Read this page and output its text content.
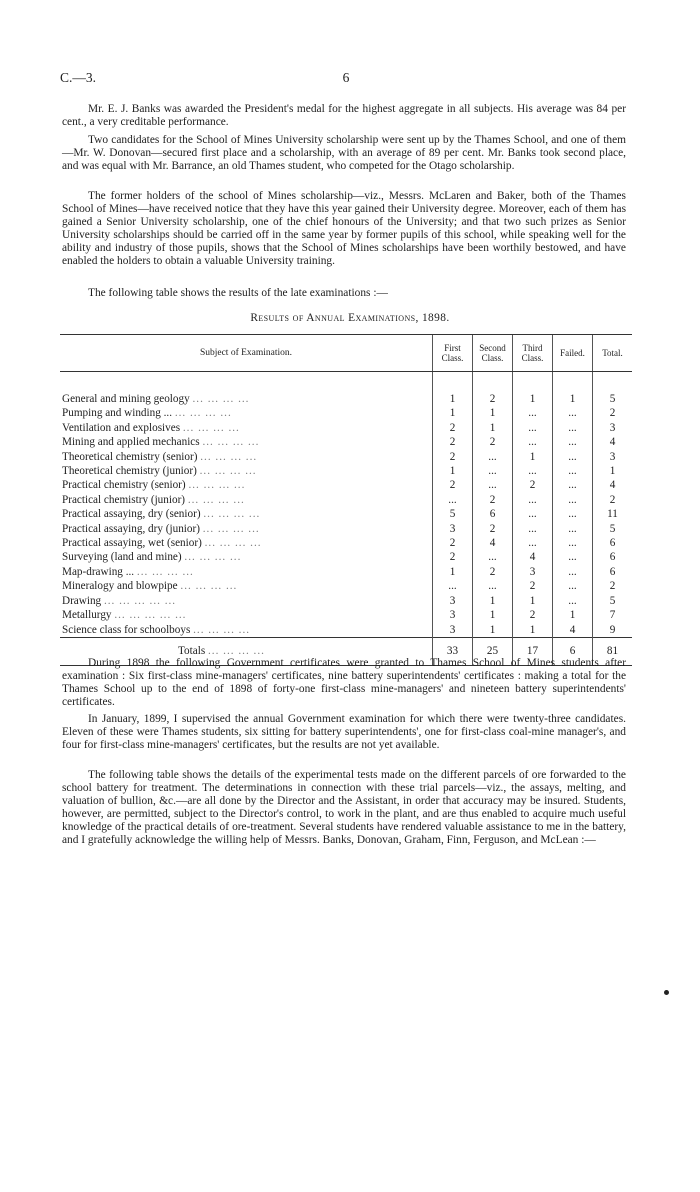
C.—3.	6

Mr. E. J. Banks was awarded the President's medal for the highest aggregate in all subjects. His average was 84 per cent., a very creditable performance.

Two candidates for the School of Mines University scholarship were sent up by the Thames School, and one of them—Mr. W. Donovan—secured first place and a scholarship, with an average of 89 per cent. Mr. Banks took second place, and was equal with Mr. Barrance, an old Thames student, who competed for the Otago scholarship.

The former holders of the school of Mines scholarship—viz., Messrs. McLaren and Baker, both of the Thames School of Mines—have received notice that they have this year gained their University degree. Moreover, each of them has gained a Senior University scholarship, one of the chief honours of the University; and that two such prizes as Senior University scholarships should be carried off in the same year by former pupils of this school, while speaking well for the ability and industry of those pupils, shows that the School of Mines scholarships have been worthily bestowed, and have enabled the holders to obtain a valuable University training.

The following table shows the results of the late examinations :—

Results of Annual Examinations, 1898.
Subject of Examination.	First Class.	Second Class.	Third Class.	Failed.	Total.

General and mining geology ... ... ... ...	1	2	1	1	5
Pumping and winding ... ... ... ... ...	1	1	...	...	2
Ventilation and explosives ... ... ... ...	2	1	...	...	3
Mining and applied mechanics ... ... ... ...	2	2	...	...	4
Theoretical chemistry (senior) ... ... ... ...	2	...	1	...	3
Theoretical chemistry (junior) ... ... ... ...	1	...	...	...	1
Practical chemistry (senior) ... ... ... ...	2	...	2	...	4
Practical chemistry (junior) ... ... ... ...	...	2	...	...	2
Practical assaying, dry (senior) ... ... ... ...	5	6	...	...	11
Practical assaying, dry (junior) ... ... ... ...	3	2	...	...	5
Practical assaying, wet (senior) ... ... ... ...	2	4	...	...	6
Surveying (land and mine) ... ... ... ...	2	...	4	...	6
Map-drawing ... ... ... ... ...	1	2	3	...	6
Mineralogy and blowpipe ... ... ... ...	...	...	2	...	2
Drawing ... ... ... ... ...	3	1	1	...	5
Metallurgy ... ... ... ... ...	3	1	2	1	7
Science class for schoolboys ... ... ... ...	3	1	1	4	9
Totals ... ... ... ...	33	25	17	6	81

During 1898 the following Government certificates were granted to Thames School of Mines students after examination : Six first-class mine-managers' certificates, nine battery superintendents' certificates : making a total for the Thames School up to the end of 1898 of forty-one first-class mine-managers' and nineteen battery superintendents' certificates.

In January, 1899, I supervised the annual Government examination for which there were twenty-three candidates. Eleven of these were Thames students, six sitting for battery superintendents', one for first-class coal-mine manager's, and four for first-class mine-managers' certificates, but the results are not yet available.

The following table shows the details of the experimental tests made on the different parcels of ore forwarded to the school battery for treatment. The determinations in connection with these trial parcels—viz., the assays, melting, and valuation of bullion, &c.—are all done by the Director and the Assistant, in order that accuracy may be insured. Students, however, are permitted, subject to the Director's control, to work in the plant, and are thus enabled to acquire much useful knowledge of the practical details of ore-treatment. Several students have rendered valuable assistance to me in the battery, and I gratefully acknowledge the willing help of Messrs. Banks, Donovan, Graham, Finn, Ferguson, and McLean :—
